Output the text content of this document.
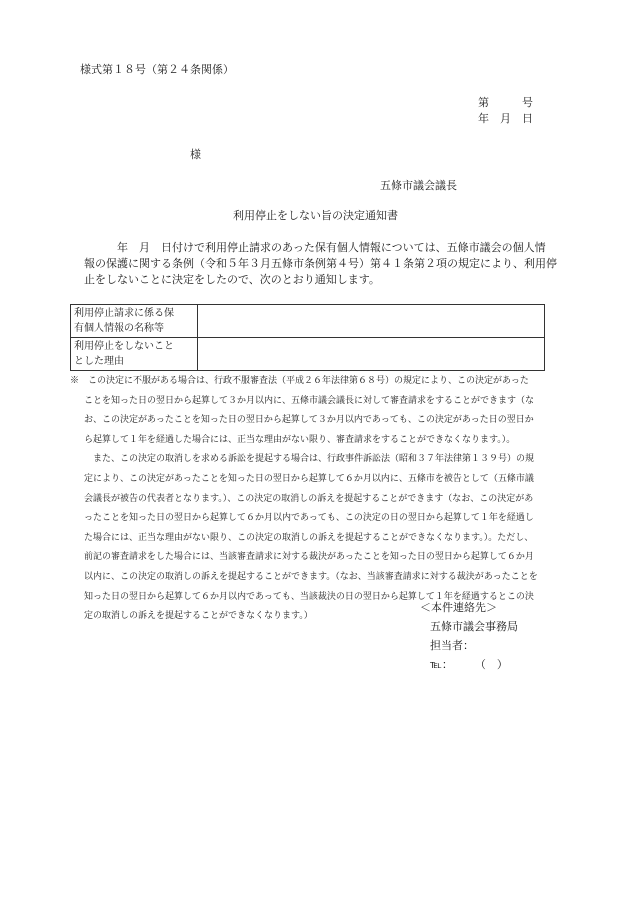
様式第１８号（第２４条関係）
第　　　号
年　月　日
様
五條市議会議長
利用停止をしない旨の決定通知書
　　　年　月　日付けで利用停止請求のあった保有個人情報については、五條市議会の個人情
報の保護に関する条例（令和５年３月五條市条例第４号）第４１条第２項の規定により、利用停
止をしないことに決定をしたので、次のとおり通知します。
利用停止請求に係る保
有個人情報の名称等	
利用停止をしないこと
とした理由	
※　この決定に不服がある場合は、行政不服審査法（平成２６年法律第６８号）の規定により、この決定があった
ことを知った日の翌日から起算して３か月以内に、五條市議会議長に対して審査請求をすることができます（な
お、この決定があったことを知った日の翌日から起算して３か月以内であっても、この決定があった日の翌日か
ら起算して１年を経過した場合には、正当な理由がない限り、審査請求をすることができなくなります。）。
　また、この決定の取消しを求める訴訟を提起する場合は、行政事件訴訟法（昭和３７年法律第１３９号）の規
定により、この決定があったことを知った日の翌日から起算して６か月以内に、五條市を被告として（五條市議
会議長が被告の代表者となります。）、この決定の取消しの訴えを提起することができます（なお、この決定があ
ったことを知った日の翌日から起算して６か月以内であっても、この決定の日の翌日から起算して１年を経過し
た場合には、正当な理由がない限り、この決定の取消しの訴えを提起することができなくなります。）。ただし、
前記の審査請求をした場合には、当該審査請求に対する裁決があったことを知った日の翌日から起算して６か月
以内に、この決定の取消しの訴えを提起することができます。（なお、当該審査請求に対する裁決があったことを
知った日の翌日から起算して６か月以内であっても、当該裁決の日の翌日から起算して１年を経過するとこの決
定の取消しの訴えを提起することができなくなります。）
＜本件連絡先＞
五條市議会事務局
担当者：
℡：　　　（　）
